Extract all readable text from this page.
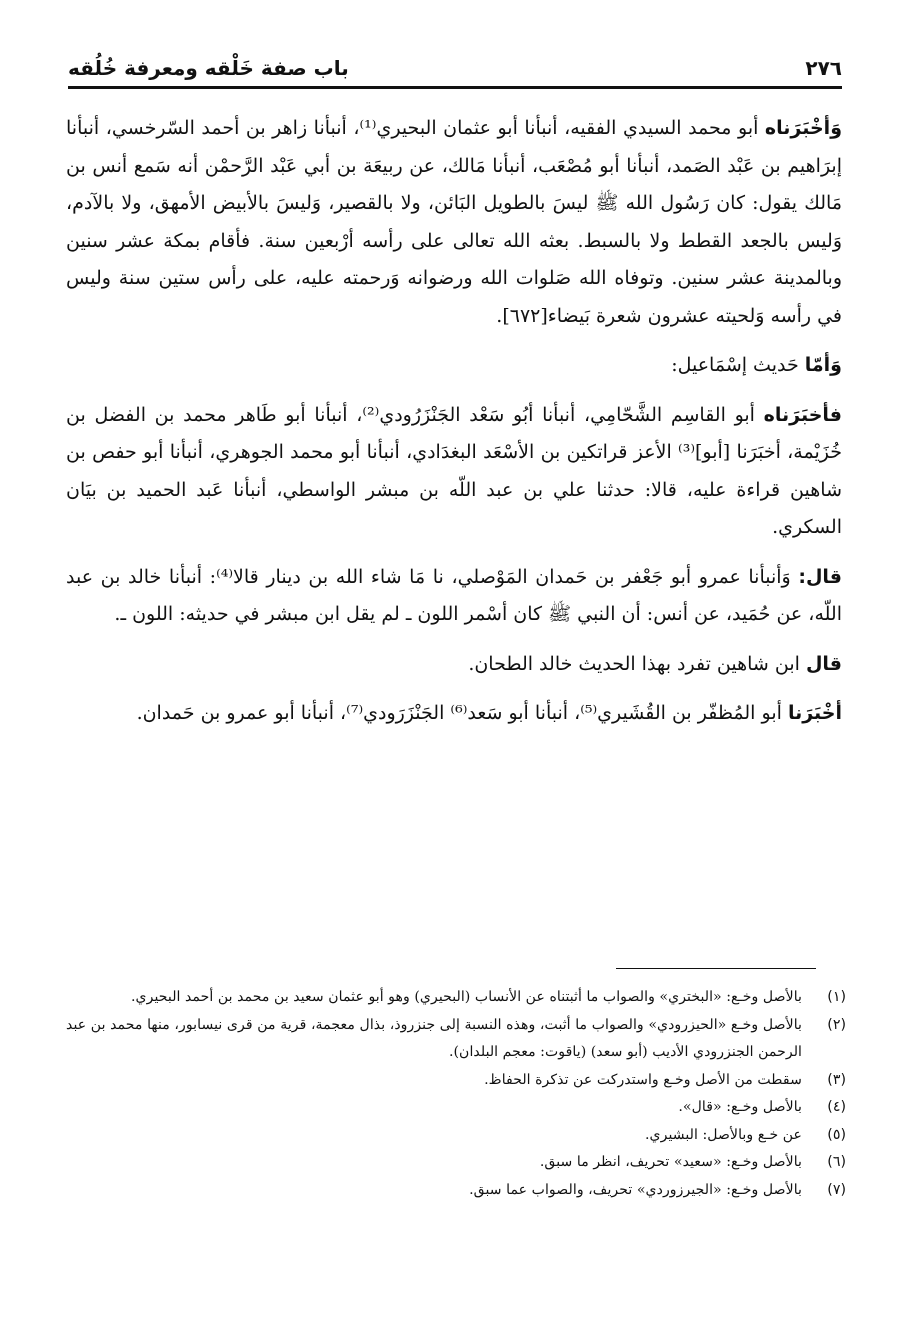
٢٧٦
باب صفة خَلْقه ومعرفة خُلُقه

وَأخْبَرَناه أبو محمد السيدي الفقيه، أنبأنا أبو عثمان البحيري⁽¹⁾، أنبأنا زاهر بن أحمد السّرخسي، أنبأنا إبرَاهيم بن عَبْد الصَمد، أنبأنا أبو مُصْعَب، أنبأنا مَالك، عن ربيعَة بن أبي عَبْد الرَّحمْن أنه سَمع أنس بن مَالك يقول: كان رَسُول الله ﷺ ليسَ بالطويل البَائن، ولا بالقصير، وَليسَ بالأبيض الأمهق، ولا بالآدم، وَليس بالجعد القطط ولا بالسبط. بعثه الله تعالى على رأسه أرْبعين سنة. فأقام بمكة عشر سنين وبالمدينة عشر سنين. وتوفاه الله صَلوات الله ورضوانه وَرحمته عليه، على رأس ستين سنة وليس في رأسه وَلحيته عشرون شعرة بَيضاء[٦٧٢].

وَأمّا حَديث إسْمَاعيل:

فأخبَرَناه أبو القاسِم الشَّحّامِي، أنبأنا أبُو سَعْد الجَنْزَرُودي⁽²⁾، أنبأنا أبو طَاهر محمد بن الفضل بن خُزَيْمة، أخبَرَنا [أبو]⁽³⁾ الأعز قراتكين بن الأسْعَد البغدَادي، أنبأنا أبو محمد الجوهري، أنبأنا أبو حفص بن شاهين قراءة عليه، قالا: حدثنا علي بن عبد اللّه بن مبشر الواسطي، أنبأنا عَبد الحميد بن بيَان السكري.

قال: وَأنبأنا عمرو أبو جَعْفر بن حَمدان المَوْصلي، نا مَا شاء الله بن دينار قالا⁽⁴⁾: أنبأنا خالد بن عبد اللّه، عن حُمَيد، عن أنس: أن النبي ﷺ كان أسْمر اللون ـ لم يقل ابن مبشر في حديثه: اللون ـ.

قال ابن شاهين تفرد بهذا الحديث خالد الطحان.

أخْبَرَنا أبو المُظفّر بن القُشَيري⁽⁵⁾، أنبأنا أبو سَعد⁽⁶⁾ الجَنْزَرَودي⁽⁷⁾، أنبأنا أبو عمرو بن حَمدان.

(١)
بالأصل وخـع: «البختري» والصواب ما أثبتناه عن الأنساب (البحيري) وهو أبو عثمان سعيد بن محمد بن أحمد البحيري.
(٢)
بالأصل وخـع «الحيزرودي» والصواب ما أثبت، وهذه النسبة إلى جنزروذ، بذال معجمة، قرية من قرى نيسابور، منها محمد بن عبد الرحمن الجنزرودي الأديب (أبو سعد) (ياقوت: معجم البلدان).
(٣)
سقطت من الأصل وخـع واستدركت عن تذكرة الحفاظ.
(٤)
بالأصل وخـع: «قال».
(٥)
عن خـع وبالأصل: البشيري.
(٦)
بالأصل وخـع: «سعيد» تحريف، انظر ما سبق.
(٧)
بالأصل وخـع: «الجيرزوردي» تحريف، والصواب عما سبق.
